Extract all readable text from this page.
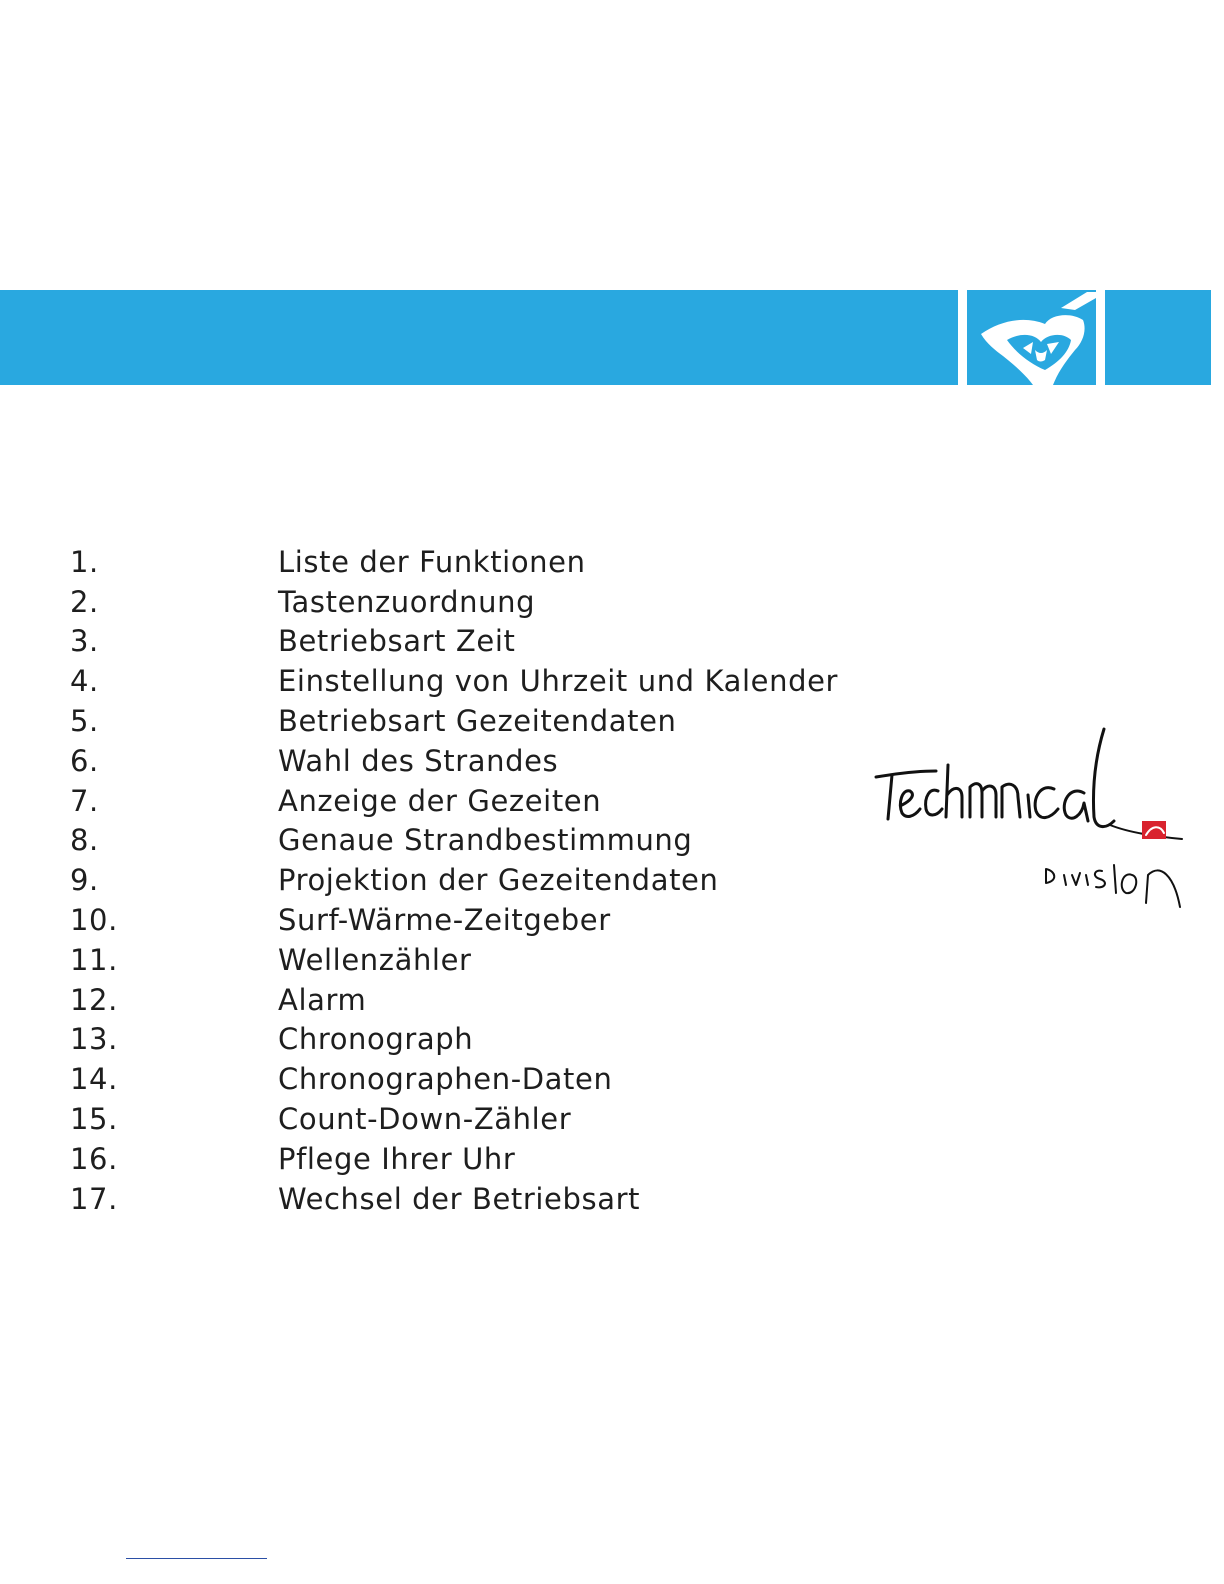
1.	Liste der Funktionen
2.	Tastenzuordnung
3.	Betriebsart Zeit
4.	Einstellung von Uhrzeit und Kalender
5.	Betriebsart Gezeitendaten
6.	Wahl des Strandes
7.	Anzeige der Gezeiten
8.	Genaue Strandbestimmung
9.	Projektion der Gezeitendaten
10.	Surf-Wärme-Zeitgeber
11.	Wellenzähler
12.	Alarm
13.	Chronograph
14.	Chronographen-Daten
15.	Count-Down-Zähler
16.	Pflege Ihrer Uhr
17.	Wechsel der Betriebsart
